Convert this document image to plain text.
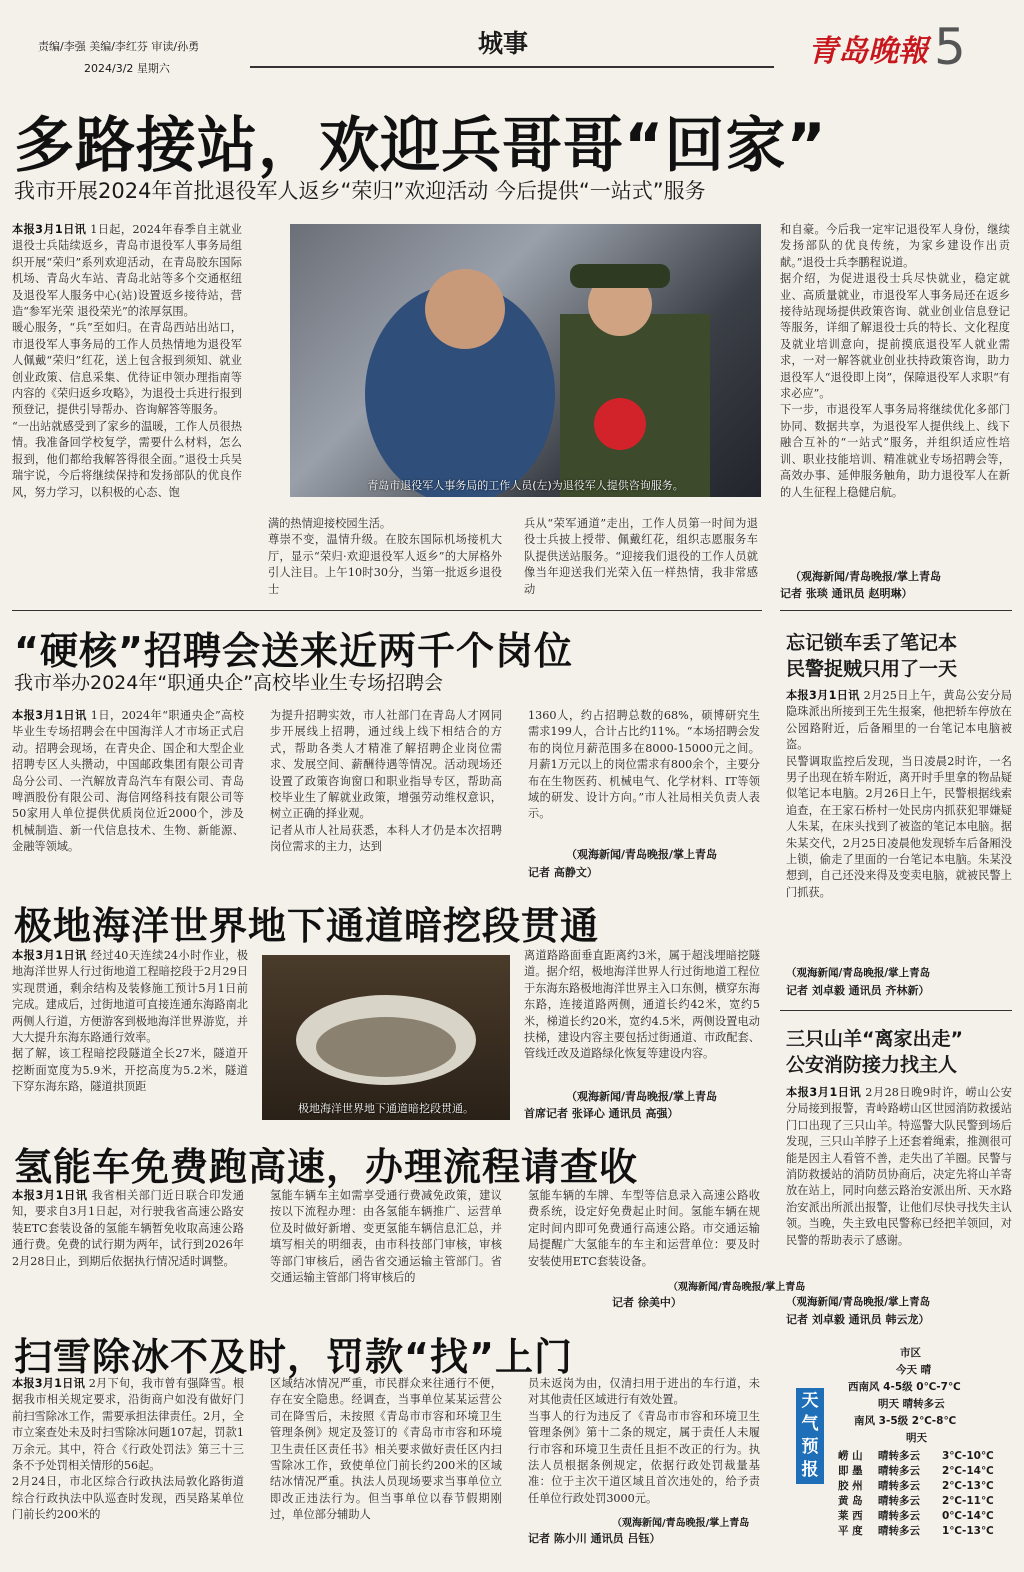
责编/李强 美编/李红芬 审读/孙勇
2024/3/2 星期六
城事	青岛晚報 5
多路接站，欢迎兵哥哥“回家”
我市开展2024年首批退役军人返乡“荣归”欢迎活动 今后提供“一站式”服务
本报3月1日讯 1日起，2024年春季自主就业退役士兵陆续返乡，青岛市退役军人事务局组织开展“荣归”系列欢迎活动，在青岛胶东国际机场、青岛火车站、青岛北站等多个交通枢纽及退役军人服务中心(站)设置返乡接待站，营造“参军光荣 退役荣光”的浓厚氛围。
暖心服务，“兵”至如归。在青岛西站出站口，市退役军人事务局的工作人员热情地为退役军人佩戴“荣归”红花，送上包含报到须知、就业创业政策、信息采集、优待证申领办理指南等内容的《荣归返乡攻略》，为退役士兵进行报到预登记，提供引导帮办、咨询解答等服务。
“一出站就感受到了家乡的温暖，工作人员很热情。我准备回学校复学，需要什么材料，怎么报到，他们都给我解答得很全面。”退役士兵吴瑞宇说，今后将继续保持和发扬部队的优良作风，努力学习，以积极的心态、饱	青岛市退役军人事务局的工作人员(左)为退役军人提供咨询服务。
满的热情迎接校园生活。
尊崇不变，温情升级。在胶东国际机场接机大厅，显示“荣归·欢迎退役军人返乡”的大屏格外引人注目。上午10时30分，当第一批返乡退役士
兵从“荣军通道”走出，工作人员第一时间为退役士兵披上授带、佩戴红花，组织志愿服务车队提供送站服务。“迎接我们退役的工作人员就像当年迎送我们光荣入伍一样热情，我非常感动
和自豪。今后我一定牢记退役军人身份，继续发扬部队的优良传统，为家乡建设作出贡献。”退役士兵李鹏程说道。
据介绍，为促进退役士兵尽快就业，稳定就业、高质量就业，市退役军人事务局还在返乡接待站现场提供政策咨询、就业创业信息登记等服务，详细了解退役士兵的特长、文化程度及就业培训意向，提前摸底退役军人就业需求，一对一解答就业创业扶持政策咨询，助力退役军人“退役即上岗”，保障退役军人求职“有求必应”。
下一步，市退役军人事务局将继续优化多部门协同、数据共享，为退役军人提供线上、线下融合互补的“一站式”服务，并组织适应性培训、职业技能培训、精准就业专场招聘会等，高效办事、延伸服务触角，助力退役军人在新的人生征程上稳健启航。
（观海新闻/青岛晚报/掌上青岛
记者 张琰 通讯员 赵明琳）
“硬核”招聘会送来近两千个岗位
我市举办2024年“职通央企”高校毕业生专场招聘会
本报3月1日讯 1日，2024年“职通央企”高校毕业生专场招聘会在中国海洋人才市场正式启动。招聘会现场，在青央企、国企和大型企业招聘专区人头攒动，中国邮政集团有限公司青岛分公司、一汽解放青岛汽车有限公司、青岛啤酒股份有限公司、海信网络科技有限公司等50家用人单位提供优质岗位近2000个，涉及机械制造、新一代信息技术、生物、新能源、金融等领域。
为提升招聘实效，市人社部门在青岛人才网同步开展线上招聘，通过线上线下相结合的方式，帮助各类人才精准了解招聘企业岗位需求、发展空间、薪酬待遇等情况。活动现场还设置了政策咨询窗口和职业指导专区，帮助高校毕业生了解就业政策，增强劳动维权意识，树立正确的择业观。
记者从市人社局获悉，本科人才仍是本次招聘岗位需求的主力，达到
1360人，约占招聘总数的68%，硕博研究生需求199人，合计占比约11%。“本场招聘会发布的岗位月薪范围多在8000-15000元之间。月薪1万元以上的岗位需求有800余个，主要分布在生物医药、机械电气、化学材料、IT等领域的研发、设计方向。”市人社局相关负责人表示。
（观海新闻/青岛晚报/掌上青岛
记者 高静文）
极地海洋世界地下通道暗挖段贯通
本报3月1日讯 经过40天连续24小时作业，极地海洋世界人行过街地道工程暗挖段于2月29日实现贯通，剩余结构及装修施工预计5月1日前完成。建成后，过街地道可直接连通东海路南北两侧人行道，方便游客到极地海洋世界游览，并大大提升东海东路通行效率。
据了解，该工程暗挖段隧道全长27米，隧道开挖断面宽度为5.9米，开挖高度为5.2米，隧道下穿东海东路，隧道拱顶距
极地海洋世界地下通道暗挖段贯通。
离道路路面垂直距离约3米，属于超浅埋暗挖隧道。据介绍，极地海洋世界人行过街地道工程位于东海东路极地海洋世界主入口东侧，横穿东海东路，连接道路两侧，通道长约42米，宽约5米，梯道长约20米，宽约4.5米，两侧设置电动扶梯，建设内容主要包括过街通道、市政配套、管线迁改及道路绿化恢复等建设内容。
（观海新闻/青岛晚报/掌上青岛
首席记者 张译心 通讯员 高强）
氢能车免费跑高速，办理流程请查收
本报3月1日讯 我省相关部门近日联合印发通知，要求自3月1日起，对行驶我省高速公路安装ETC套装设备的氢能车辆暂免收取高速公路通行费。免费的试行期为两年，试行到2026年2月28日止，到期后依据执行情况适时调整。
氢能车辆车主如需享受通行费减免政策，建议按以下流程办理：由各氢能车辆推广、运营单位及时做好新增、变更氢能车辆信息汇总，并填写相关的明细表，由市科技部门审核，审核等部门审核后，函告省交通运输主管部门。省交通运输主管部门将审核后的
氢能车辆的车牌、车型等信息录入高速公路收费系统，设定好免费起止时间。氢能车辆在规定时间内即可免费通行高速公路。市交通运输局提醒广大氢能车的车主和运营单位：要及时安装使用ETC套装设备。
（观海新闻/青岛晚报/掌上青岛
记者 徐美中）
扫雪除冰不及时，罚款“找”上门
本报3月1日讯 2月下旬，我市曾有强降雪。根据我市相关规定要求，沿街商户如没有做好门前扫雪除冰工作，需要承担法律责任。2月，全市立案查处未及时扫雪除冰问题107起，罚款1万余元。其中，符合《行政处罚法》第三十三条不予处罚相关情形的56起。
2月24日，市北区综合行政执法局敦化路街道综合行政执法中队巡查时发现，西吴路某单位门前长约200米的
区域结冰情况严重，市民群众来往通行不便，存在安全隐患。经调查，当事单位某某运营公司在降雪后，未按照《青岛市市容和环境卫生管理条例》规定及签订的《青岛市市容和环境卫生责任区责任书》相关要求做好责任区内扫雪除冰工作，致使单位门前长约200米的区域结冰情况严重。执法人员现场要求当事单位立即改正违法行为。但当事单位以春节假期刚过，单位部分辅助人
员未返岗为由，仅清扫用于进出的车行道，未对其他责任区域进行有效处置。
当事人的行为违反了《青岛市市容和环境卫生管理条例》第十二条的规定，属于责任人未履行市容和环境卫生责任且拒不改正的行为。执法人员根据条例规定，依据行政处罚裁量基准：位于主次干道区域且首次违处的，给予责任单位行政处罚3000元。
（观海新闻/青岛晚报/掌上青岛
记者 陈小川 通讯员 吕钰）
忘记锁车丢了笔记本
民警捉贼只用了一天
本报3月1日讯 2月25日上午，黄岛公安分局隐珠派出所接到王先生报案，他把轿车停放在公园路附近，后备厢里的一台笔记本电脑被盗。
民警调取监控后发现，当日凌晨2时许，一名男子出现在轿车附近，离开时手里拿的物品疑似笔记本电脑。2月26日上午，民警根据线索追查，在王家石桥村一处民房内抓获犯罪嫌疑人朱某，在床头找到了被盗的笔记本电脑。据朱某交代，2月25日凌晨他发现轿车后备厢没上锁，偷走了里面的一台笔记本电脑。朱某没想到，自己还没来得及变卖电脑，就被民警上门抓获。
（观海新闻/青岛晚报/掌上青岛
记者 刘卓毅 通讯员 齐林新）
三只山羊“离家出走”
公安消防接力找主人
本报3月1日讯 2月28日晚9时许，崂山公安分局接到报警，青岭路崂山区世园消防救援站门口出现了三只山羊。特巡警大队民警到场后发现，三只山羊脖子上还套着绳索，推测很可能是因主人看管不善，走失出了羊圈。民警与消防救援站的消防员协商后，决定先将山羊寄放在站上，同时向慈云路治安派出所、天水路治安派出所派出报警，让他们尽快寻找失主认领。当晚，失主致电民警称已经把羊领回，对民警的帮助表示了感谢。
（观海新闻/青岛晚报/掌上青岛
记者 刘卓毅 通讯员 韩云龙）
天气预报
市区
今天 晴
西南风 4-5级 0℃-7℃
明天 晴转多云
南风 3-5级 2℃-8℃
明天
崂 山 晴转多云 3℃-10℃
即 墨 晴转多云 2℃-14℃
胶 州 晴转多云 2℃-13℃
黄 岛 晴转多云 2℃-11℃
莱 西 晴转多云 0℃-14℃
平 度 晴转多云 1℃-13℃
